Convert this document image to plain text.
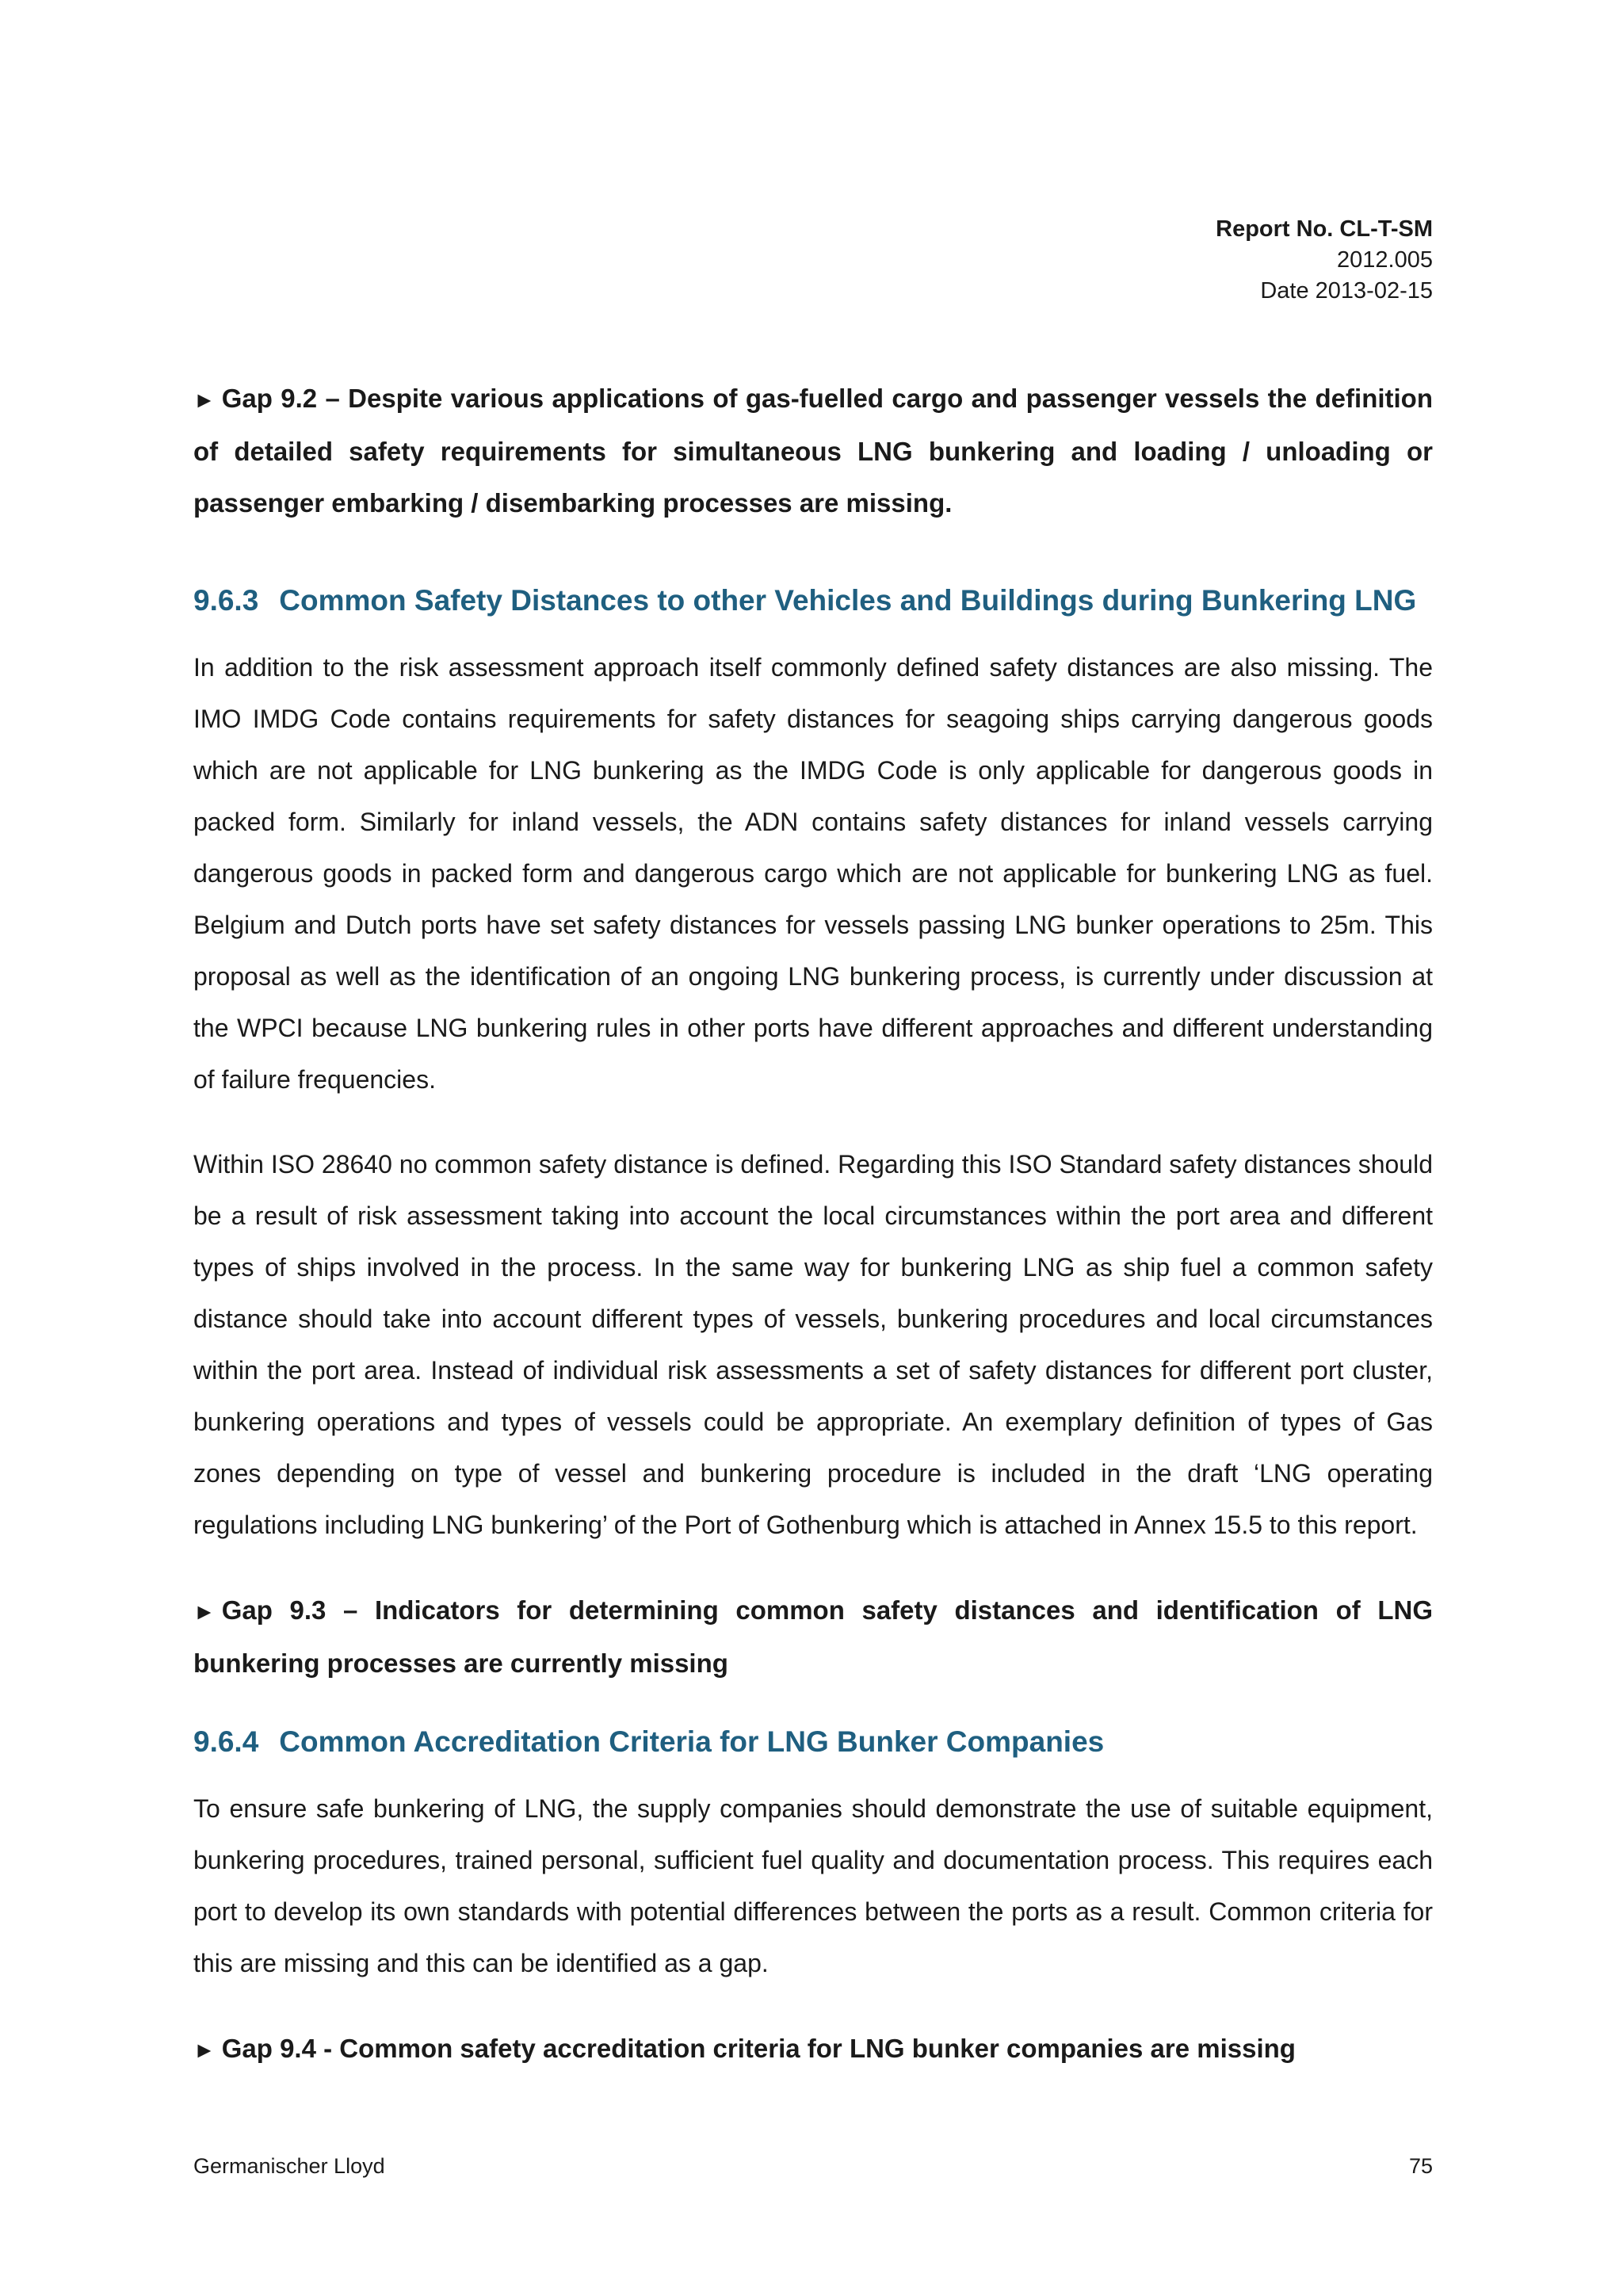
Report No. CL-T-SM
2012.005
Date 2013-02-15

► Gap 9.2 – Despite various applications of gas-fuelled cargo and passenger vessels the definition of detailed safety requirements for simultaneous LNG bunkering and loading / unloading or passenger embarking / disembarking processes are missing.

9.6.3 Common Safety Distances to other Vehicles and Buildings during Bunkering LNG

In addition to the risk assessment approach itself commonly defined safety distances are also missing. The IMO IMDG Code contains requirements for safety distances for seagoing ships carrying dangerous goods which are not applicable for LNG bunkering as the IMDG Code is only applicable for dangerous goods in packed form. Similarly for inland vessels, the ADN contains safety distances for inland vessels carrying dangerous goods in packed form and dangerous cargo which are not applicable for bunkering LNG as fuel. Belgium and Dutch ports have set safety distances for vessels passing LNG bunker operations to 25m. This proposal as well as the identification of an ongoing LNG bunkering process, is currently under discussion at the WPCI because LNG bunkering rules in other ports have different approaches and different understanding of failure frequencies.

Within ISO 28640 no common safety distance is defined. Regarding this ISO Standard safety distances should be a result of risk assessment taking into account the local circumstances within the port area and different types of ships involved in the process. In the same way for bunkering LNG as ship fuel a common safety distance should take into account different types of vessels, bunkering procedures and local circumstances within the port area. Instead of individual risk assessments a set of safety distances for different port cluster, bunkering operations and types of vessels could be appropriate. An exemplary definition of types of Gas zones depending on type of vessel and bunkering procedure is included in the draft ‘LNG operating regulations including LNG bunkering’ of the Port of Gothenburg which is attached in Annex 15.5 to this report.

► Gap 9.3 – Indicators for determining common safety distances and identification of LNG bunkering processes are currently missing

9.6.4 Common Accreditation Criteria for LNG Bunker Companies

To ensure safe bunkering of LNG, the supply companies should demonstrate the use of suitable equipment, bunkering procedures, trained personal, sufficient fuel quality and documentation process. This requires each port to develop its own standards with potential differences between the ports as a result. Common criteria for this are missing and this can be identified as a gap.

► Gap 9.4 - Common safety accreditation criteria for LNG bunker companies are missing

Germanischer Lloyd	75
